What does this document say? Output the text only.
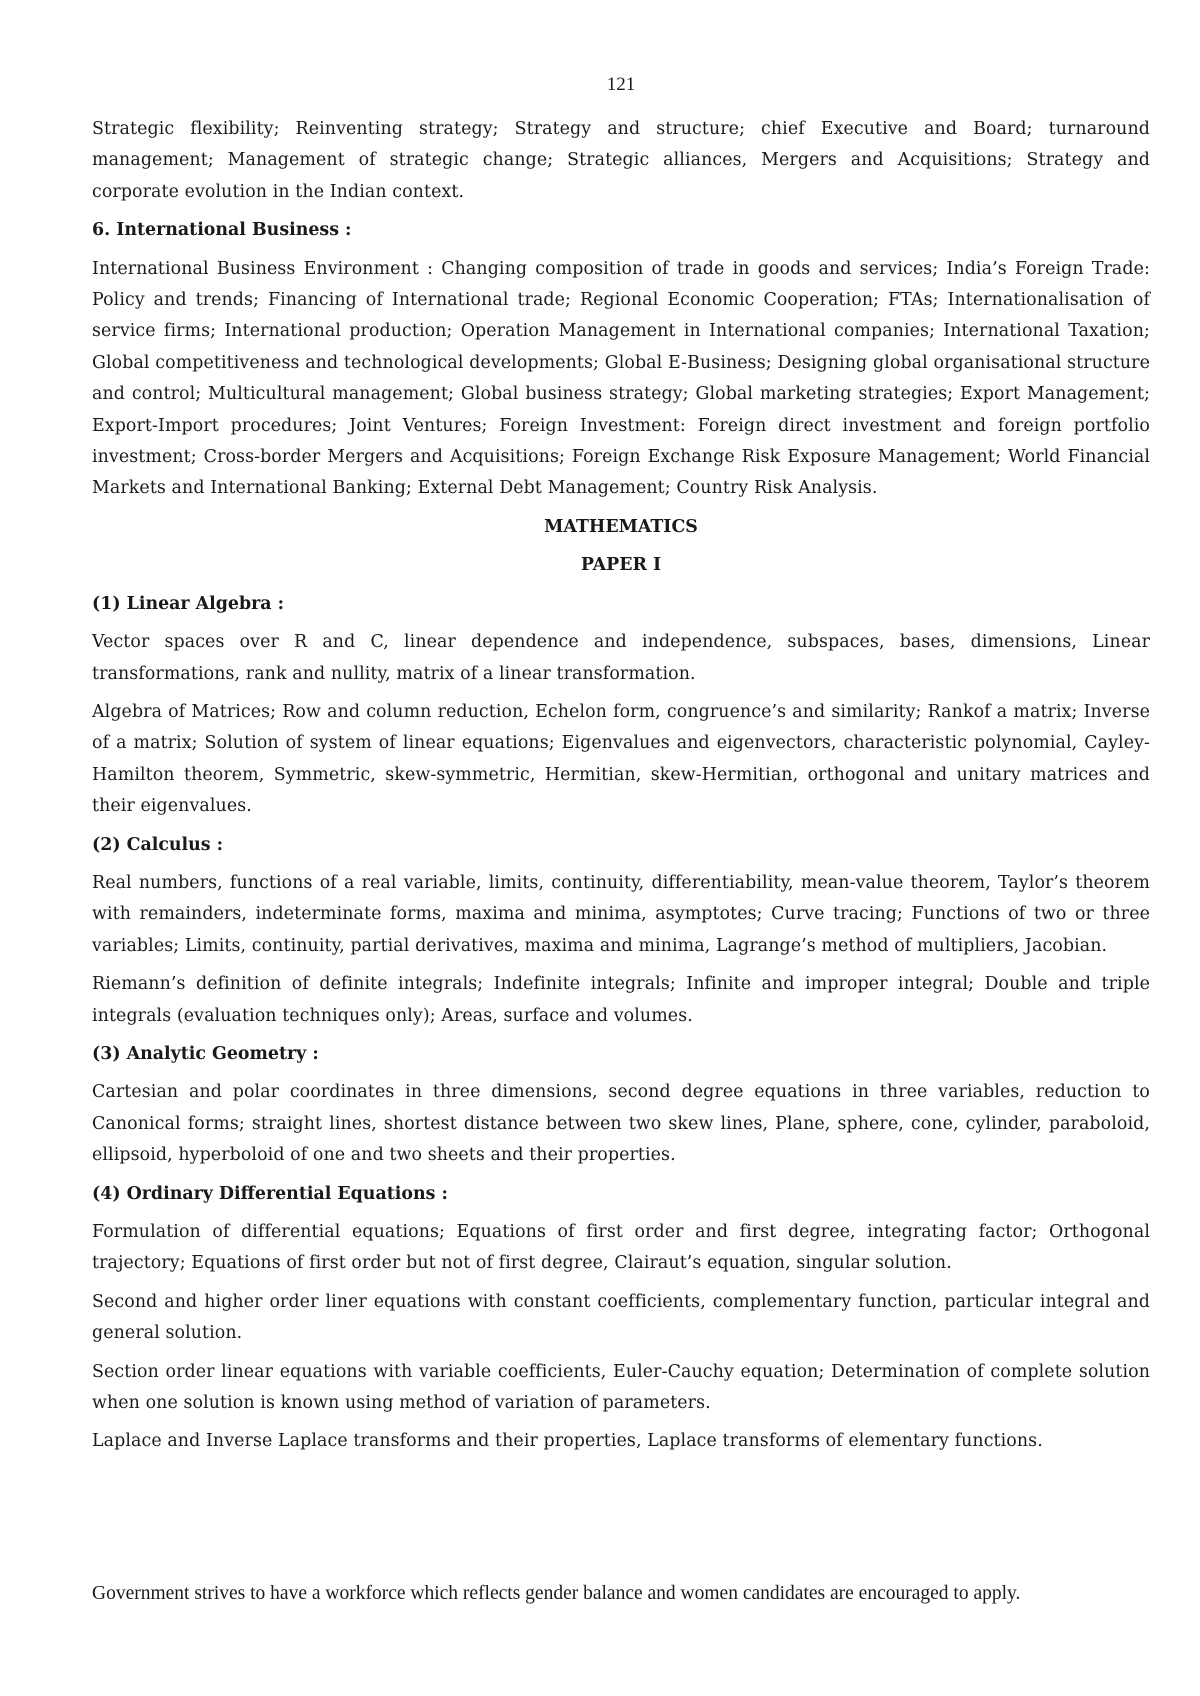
121

Strategic flexibility; Reinventing strategy; Strategy and structure; chief Executive and Board; turnaround management; Management of strategic change; Strategic alliances, Mergers and Acquisitions; Strategy and corporate evolution in the Indian context.

6. International Business :

International Business Environment : Changing composition of trade in goods and services; India’s Foreign Trade: Policy and trends; Financing of International trade; Regional Economic Cooperation; FTAs; Internationalisation of service firms; International production; Operation Management in International companies; International Taxation; Global competitiveness and technological developments; Global E-Business; Designing global organisational structure and control; Multicultural management; Global business strategy; Global marketing strategies; Export Management; Export-Import procedures; Joint Ventures; Foreign Investment: Foreign direct investment and foreign portfolio investment; Cross-border Mergers and Acquisitions; Foreign Exchange Risk Exposure Management; World Financial Markets and International Banking; External Debt Management; Country Risk Analysis.

MATHEMATICS
PAPER I
(1) Linear Algebra :

Vector spaces over R and C, linear dependence and independence, subspaces, bases, dimensions, Linear transformations, rank and nullity, matrix of a linear transformation.

Algebra of Matrices; Row and column reduction, Echelon form, congruence’s and similarity; Rankof a matrix; Inverse of a matrix; Solution of system of linear equations; Eigenvalues and eigenvectors, characteristic polynomial, Cayley-Hamilton theorem, Symmetric, skew-symmetric, Hermitian, skew-Hermitian, orthogonal and unitary matrices and their eigenvalues.

(2) Calculus :

Real numbers, functions of a real variable, limits, continuity, differentiability, mean-value theorem, Taylor’s theorem with remainders, indeterminate forms, maxima and minima, asymptotes; Curve tracing; Functions of two or three variables; Limits, continuity, partial derivatives, maxima and minima, Lagrange’s method of multipliers, Jacobian.

Riemann’s definition of definite integrals; Indefinite integrals; Infinite and improper integral; Double and triple integrals (evaluation techniques only); Areas, surface and volumes.

(3) Analytic Geometry :

Cartesian and polar coordinates in three dimensions, second degree equations in three variables, reduction to Canonical forms; straight lines, shortest distance between two skew lines, Plane, sphere, cone, cylinder, paraboloid, ellipsoid, hyperboloid of one and two sheets and their properties.

(4) Ordinary Differential Equations :

Formulation of differential equations; Equations of first order and first degree, integrating factor; Orthogonal trajectory; Equations of first order but not of first degree, Clairaut’s equation, singular solution.

Second and higher order liner equations with constant coefficients, complementary function, particular integral and general solution.

Section order linear equations with variable coefficients, Euler-Cauchy equation; Determination of complete solution when one solution is known using method of variation of parameters.

Laplace and Inverse Laplace transforms and their properties, Laplace transforms of elementary functions.

Government strives to have a workforce which reflects gender balance and women candidates are encouraged to apply.
